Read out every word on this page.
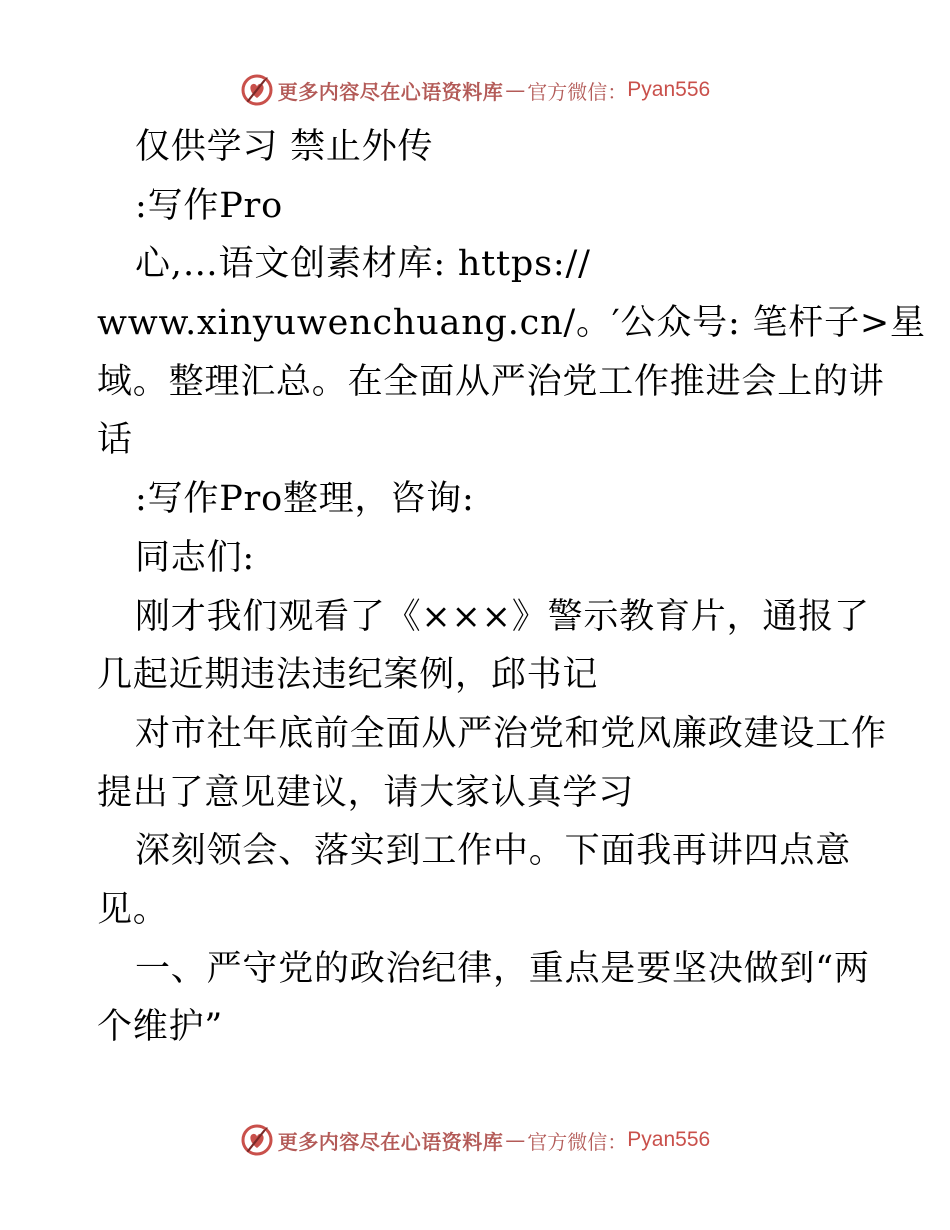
更多内容尽在心语资料库 — 官方微信： Pyan556
仅供学习 禁止外传
:写作Pro
心,…语文创素材库: https://
www.xinyuwenchuang.cn/。′公众号: 笔杆子>星
域。整理汇总。在全面从严治党工作推进会上的讲
话
:写作Pro整理，咨询:
同志们:
刚才我们观看了《×××》警示教育片，通报了
几起近期违法违纪案例，邱书记
对市社年底前全面从严治党和党风廉政建设工作
提出了意见建议，请大家认真学习
深刻领会、落实到工作中。下面我再讲四点意
见。
一、严守党的政治纪律，重点是要坚决做到“两
个维护”
更多内容尽在心语资料库 — 官方微信： Pyan556
